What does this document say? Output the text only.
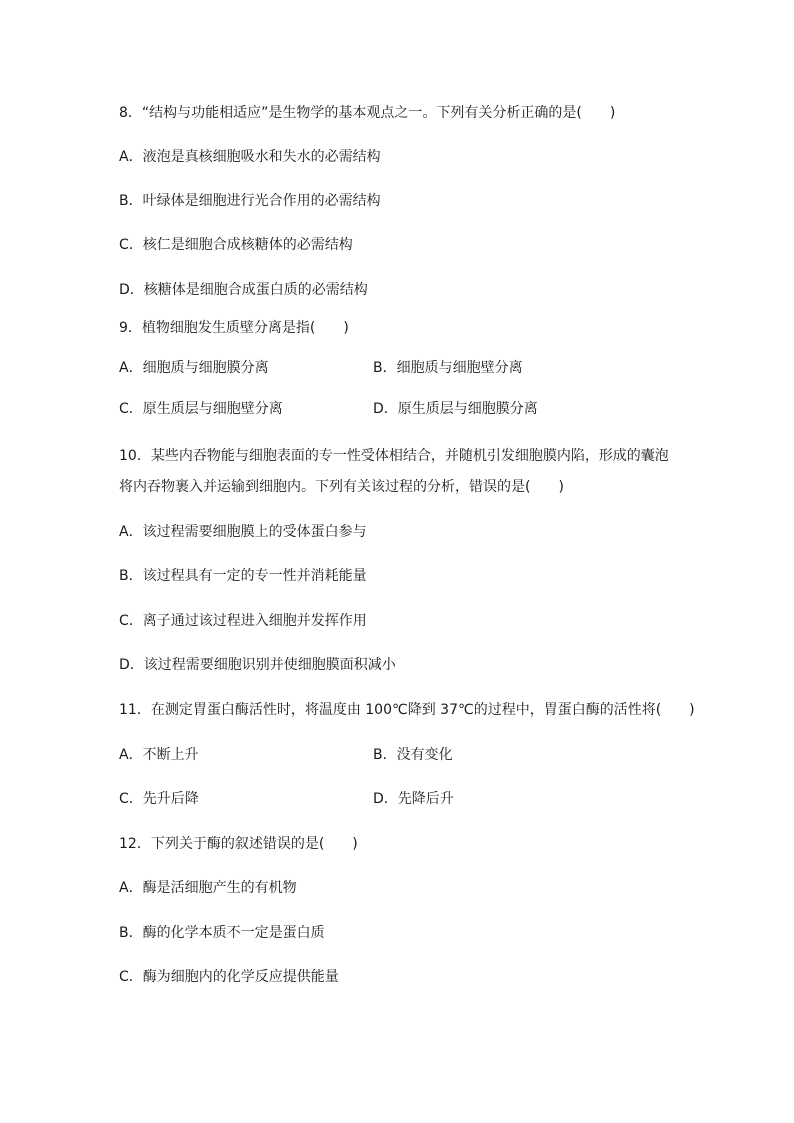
8．“结构与功能相适应”是生物学的基本观点之一。下列有关分析正确的是(　　)
A．液泡是真核细胞吸水和失水的必需结构
B．叶绿体是细胞进行光合作用的必需结构
C．核仁是细胞合成核糖体的必需结构
D．核糖体是细胞合成蛋白质的必需结构
9．植物细胞发生质壁分离是指(　　)
A．细胞质与细胞膜分离	B．细胞质与细胞壁分离
C．原生质层与细胞壁分离	D．原生质层与细胞膜分离
10．某些内吞物能与细胞表面的专一性受体相结合，并随机引发细胞膜内陷，形成的囊泡
将内吞物裹入并运输到细胞内。下列有关该过程的分析，错误的是(　　)
A．该过程需要细胞膜上的受体蛋白参与
B．该过程具有一定的专一性并消耗能量
C．离子通过该过程进入细胞并发挥作用
D．该过程需要细胞识别并使细胞膜面积减小
11．在测定胃蛋白酶活性时，将温度由 100℃降到 37℃的过程中，胃蛋白酶的活性将(　　)
A．不断上升	B．没有变化
C．先升后降	D．先降后升
12．下列关于酶的叙述错误的是(　　)
A．酶是活细胞产生的有机物
B．酶的化学本质不一定是蛋白质
C．酶为细胞内的化学反应提供能量
